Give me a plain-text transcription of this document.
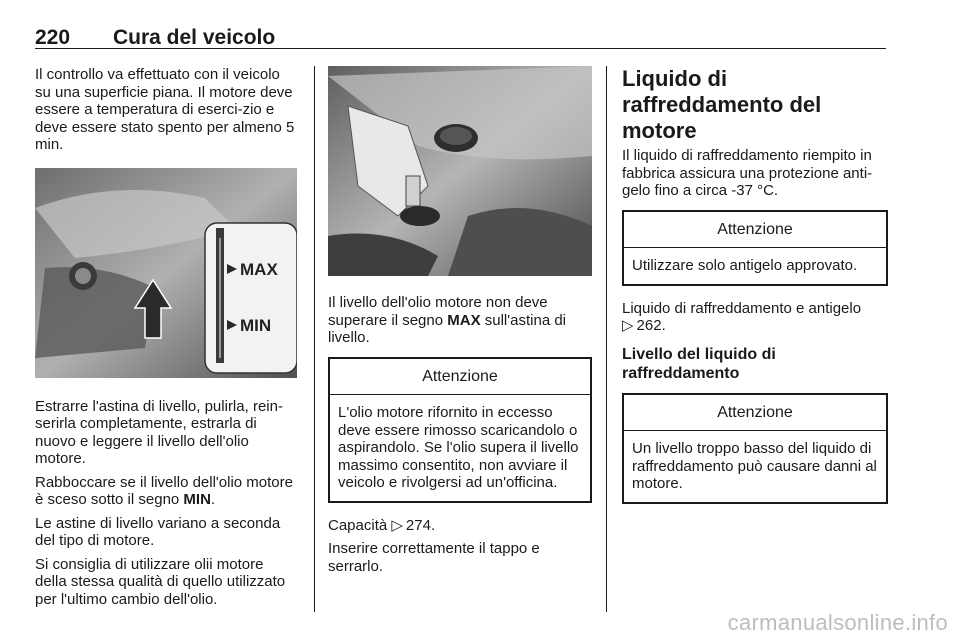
220 Cura del veicolo

Il controllo va effettuato con il veicolo su una superficie piana. Il motore deve essere a temperatura di eserci-zio e deve essere stato spento per almeno 5 min.

MAX
MIN

Estrarre l'astina di livello, pulirla, rein-serirla completamente, estrarla di nuovo e leggere il livello dell'olio motore.

Rabboccare se il livello dell'olio motore è sceso sotto il segno MIN.

Le astine di livello variano a seconda del tipo di motore.

Si consiglia di utilizzare olii motore della stessa qualità di quello utilizzato per l'ultimo cambio dell'olio.

Il livello dell'olio motore non deve superare il segno MAX sull'astina di livello.

Attenzione
L'olio motore rifornito in eccesso deve essere rimosso scaricandolo o aspirandolo. Se l'olio supera il livello massimo consentito, non avviare il veicolo e rivolgersi ad un'officina.

Capacità ▷ 274.

Inserire correttamente il tappo e serrarlo.

Liquido di raffreddamento del motore

Il liquido di raffreddamento riempito in fabbrica assicura una protezione anti-gelo fino a circa -37 °C.

Attenzione
Utilizzare solo antigelo approvato.

Liquido di raffreddamento e antigelo
▷ 262.

Livello del liquido di raffreddamento
Attenzione
Un livello troppo basso del liquido di raffreddamento può causare danni al motore.
carmanualsonline.info
